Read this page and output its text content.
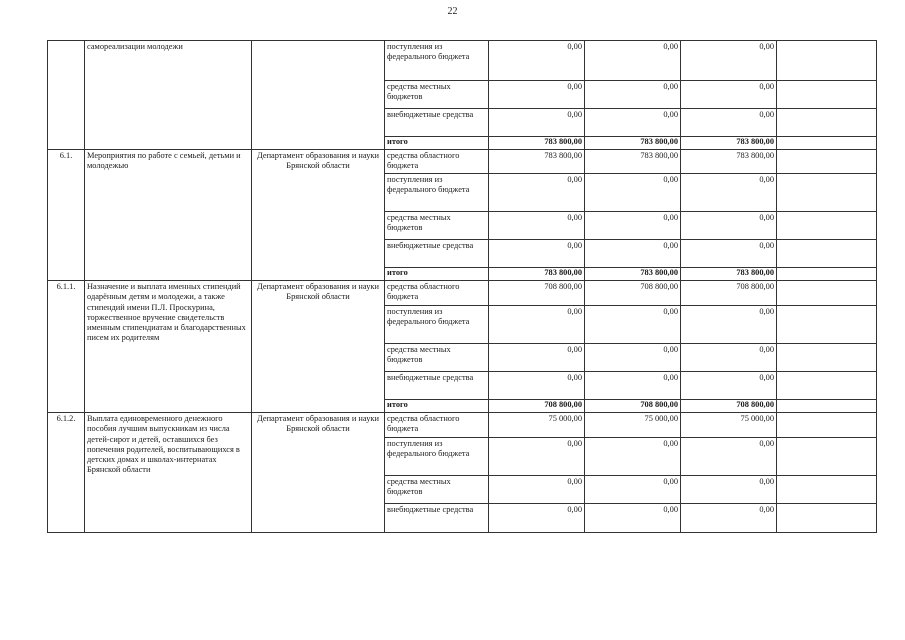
22
	самореализации молодежи		поступления из федерального бюджета	0,00	0,00	0,00	
			средства местных бюджетов	0,00	0,00	0,00	
			внебюджетные средства	0,00	0,00	0,00	
			итого	783 800,00	783 800,00	783 800,00	
6.1.	Мероприятия по работе с семьей, детьми и молодежью	Департамент образования и науки Брянской области	средства областного бюджета	783 800,00	783 800,00	783 800,00	
			поступления из федерального бюджета	0,00	0,00	0,00	
			средства местных бюджетов	0,00	0,00	0,00	
			внебюджетные средства	0,00	0,00	0,00	
			итого	783 800,00	783 800,00	783 800,00	
6.1.1.	Назначение и выплата именных стипендий одарённым детям и молодежи, а также стипендий имени П.Л. Проскурина, торжественное вручение свидетельств именным стипендиатам и благодарственных писем их родителям	Департамент образования и науки Брянской области	средства областного бюджета	708 800,00	708 800,00	708 800,00	
			поступления из федерального бюджета	0,00	0,00	0,00	
			средства местных бюджетов	0,00	0,00	0,00	
			внебюджетные средства	0,00	0,00	0,00	
			итого	708 800,00	708 800,00	708 800,00	
6.1.2.	Выплата единовременного денежного пособия лучшим выпускникам из числа детей-сирот и детей, оставшихся без попечения родителей, воспитывающихся в детских домах и школах-интернатах Брянской области	Департамент образования и науки Брянской области	средства областного бюджета	75 000,00	75 000,00	75 000,00	
			поступления из федерального бюджета	0,00	0,00	0,00	
			средства местных бюджетов	0,00	0,00	0,00	
			внебюджетные средства	0,00	0,00	0,00	
